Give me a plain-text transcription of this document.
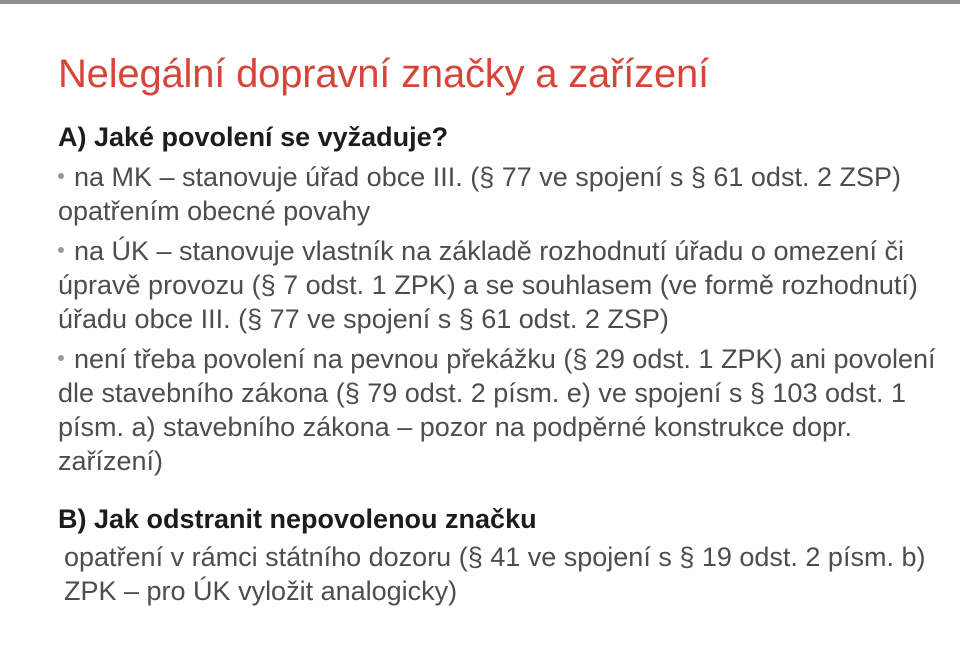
Nelegální dopravní značky a zařízení

A) Jaké povolení se vyžaduje?

na MK – stanovuje úřad obce III. (§ 77 ve spojení s § 61 odst. 2 ZSP) opatřením obecné povahy
na ÚK – stanovuje vlastník na základě rozhodnutí úřadu o omezení či úpravě provozu (§ 7 odst. 1 ZPK) a se souhlasem (ve formě rozhodnutí) úřadu obce III. (§ 77 ve spojení s § 61 odst. 2 ZSP)
není třeba povolení na pevnou překážku (§ 29 odst. 1 ZPK) ani povolení dle stavebního zákona (§ 79 odst. 2 písm. e) ve spojení s § 103 odst. 1 písm. a) stavebního zákona – pozor na podpěrné konstrukce dopr. zařízení)

B) Jak odstranit nepovolenou značku

opatření v rámci státního dozoru (§ 41 ve spojení s § 19 odst. 2 písm. b) ZPK – pro ÚK vyložit analogicky)
